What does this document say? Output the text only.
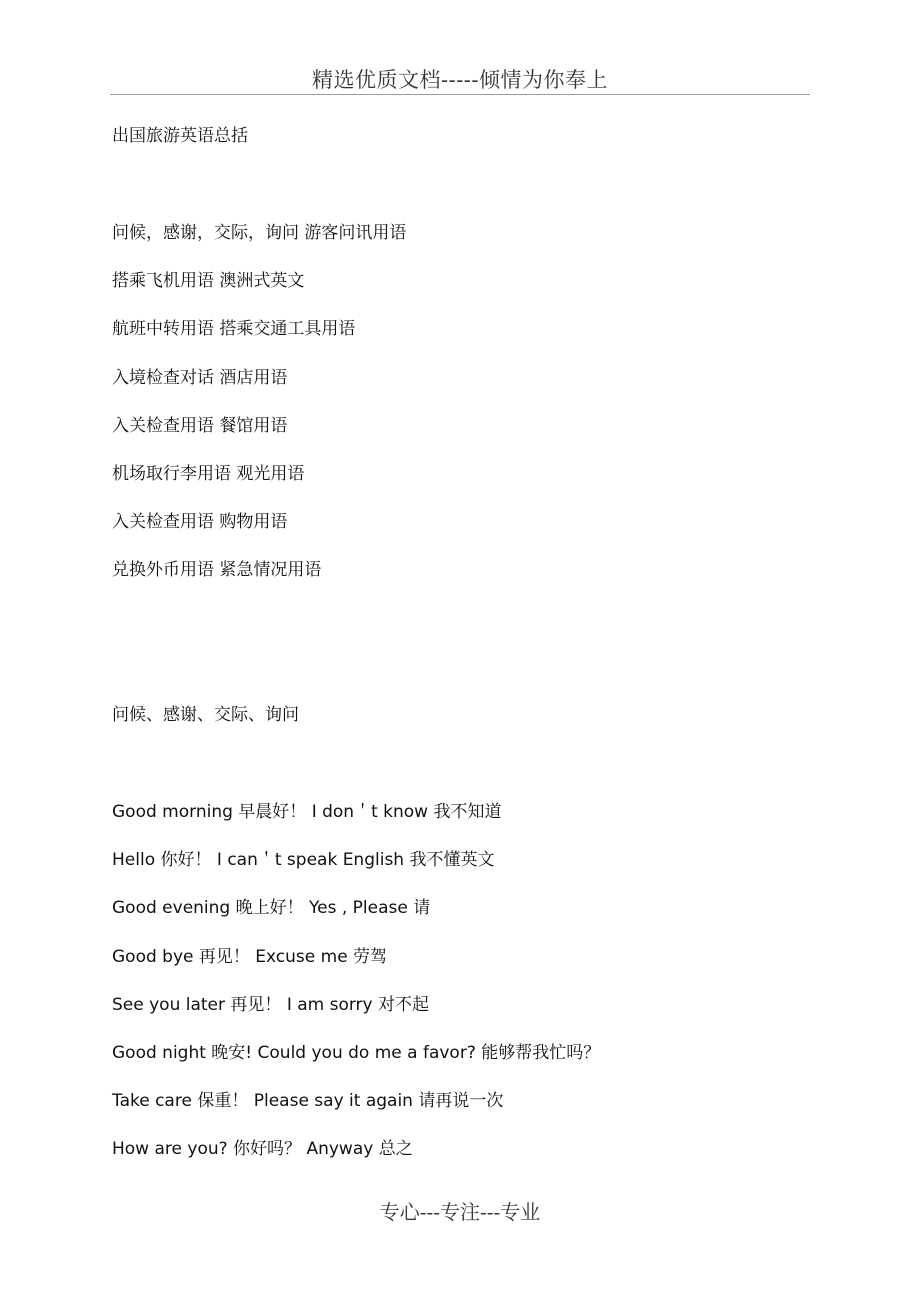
精选优质文档-----倾情为你奉上
出国旅游英语总括
问候，感谢，交际，询问 游客问讯用语
搭乘飞机用语 澳洲式英文
航班中转用语 搭乘交通工具用语
入境检查对话 酒店用语
入关检查用语 餐馆用语
机场取行李用语 观光用语
入关检查用语 购物用语
兑换外币用语 紧急情况用语
问候、感谢、交际、询问
Good morning 早晨好！ I don＇t know 我不知道
Hello 你好！ I can＇t speak English 我不懂英文
Good evening 晚上好！ Yes , Please 请
Good bye 再见！ Excuse me 劳驾
See you later 再见！ I am sorry 对不起
Good night 晚安! Could you do me a favor? 能够帮我忙吗？
Take care 保重！ Please say it again 请再说一次
How are you? 你好吗？ Anyway 总之
专心---专注---专业
